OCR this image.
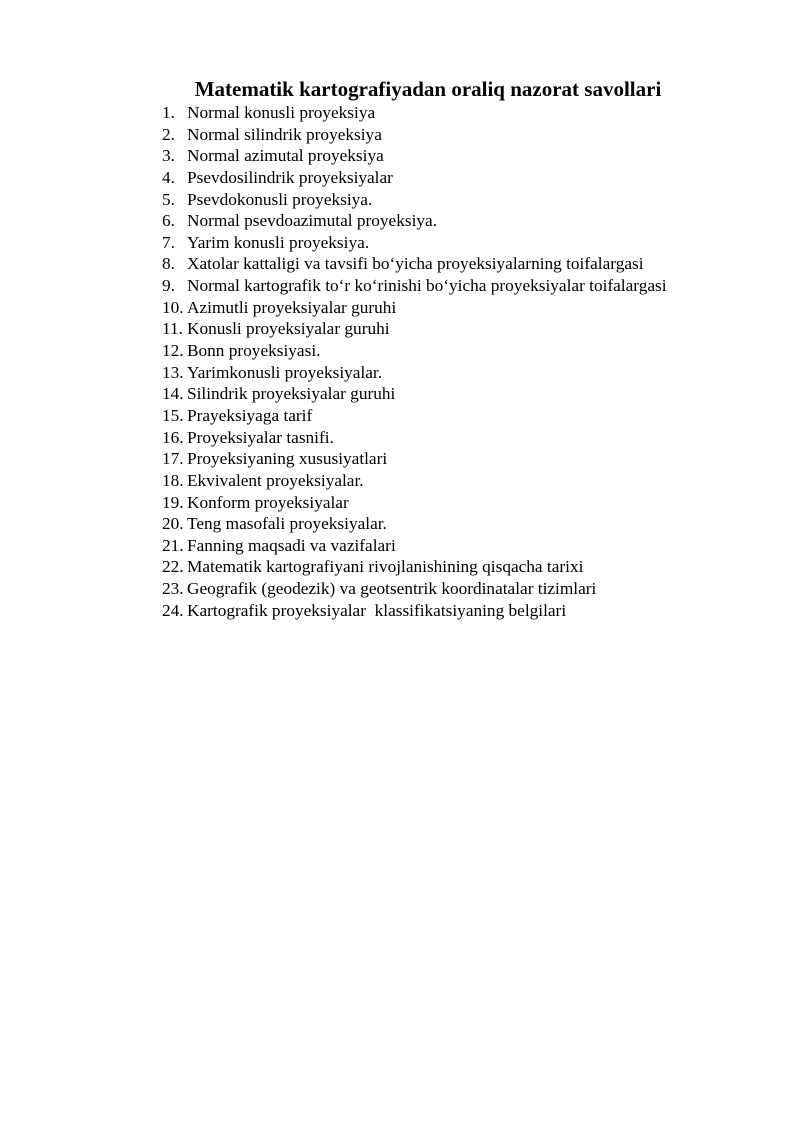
Matematik kartografiyadan oraliq nazorat savollari
1. Normal konusli proyeksiya
2. Normal silindrik proyeksiya
3. Normal azimutal proyeksiya
4. Psevdosilindrik proyeksiyalar
5. Psevdokonusli proyeksiya.
6. Normal psevdoazimutal proyeksiya.
7. Yarim konusli proyeksiya.
8. Xatolar kattaligi va tavsifi bo‘yicha proyeksiyalarning toifalargasi
9. Normal kartografik to‘r ko‘rinishi bo‘yicha proyeksiyalar toifalargasi
10. Azimutli proyeksiyalar guruhi
11. Konusli proyeksiyalar guruhi
12. Bonn proyeksiyasi.
13. Yarimkonusli proyeksiyalar.
14. Silindrik proyeksiyalar guruhi
15. Prayeksiyaga tarif
16. Proyeksiyalar tasnifi.
17. Proyeksiyaning xususiyatlari
18. Ekvivalent proyeksiyalar.
19. Konform proyeksiyalar
20. Teng masofali proyeksiyalar.
21. Fanning maqsadi va vazifalari
22. Matematik kartografiyani rivojlanishining qisqacha tarixi
23. Geografik (geodezik) va geotsentrik koordinatalar tizimlari
24. Kartografik proyeksiyalar  klassifikatsiyaning belgilari
